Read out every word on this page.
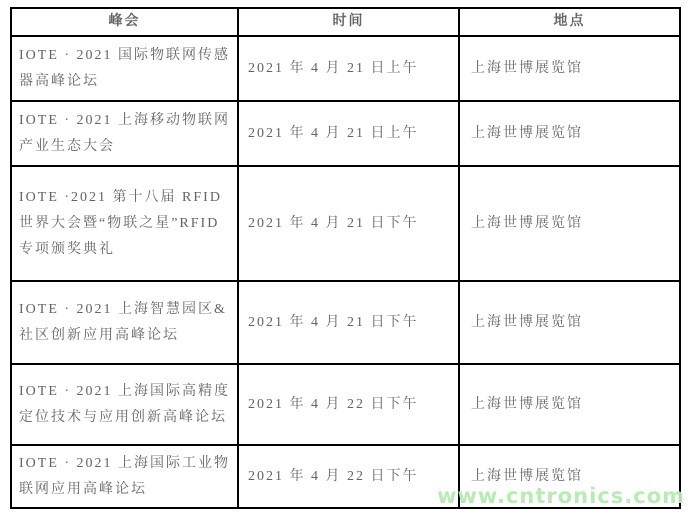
峰会	时间	地点
IOTE · 2021 国际物联网传感器高峰论坛	2021 年 4 月 21 日上午	上海世博展览馆
IOTE · 2021 上海移动物联网产业生态大会	2021 年 4 月 21 日上午	上海世博展览馆
IOTE ·2021 第十八届 RFID 世界大会暨“物联之星”RFID 专项颁奖典礼	2021 年 4 月 21 日下午	上海世博展览馆
IOTE · 2021 上海智慧园区&社区创新应用高峰论坛	2021 年 4 月 21 日下午	上海世博展览馆
IOTE · 2021 上海国际高精度定位技术与应用创新高峰论坛	2021 年 4 月 22 日下午	上海世博展览馆
IOTE · 2021 上海国际工业物联网应用高峰论坛	2021 年 4 月 22 日下午	上海世博展览馆
www.cntronics.com
